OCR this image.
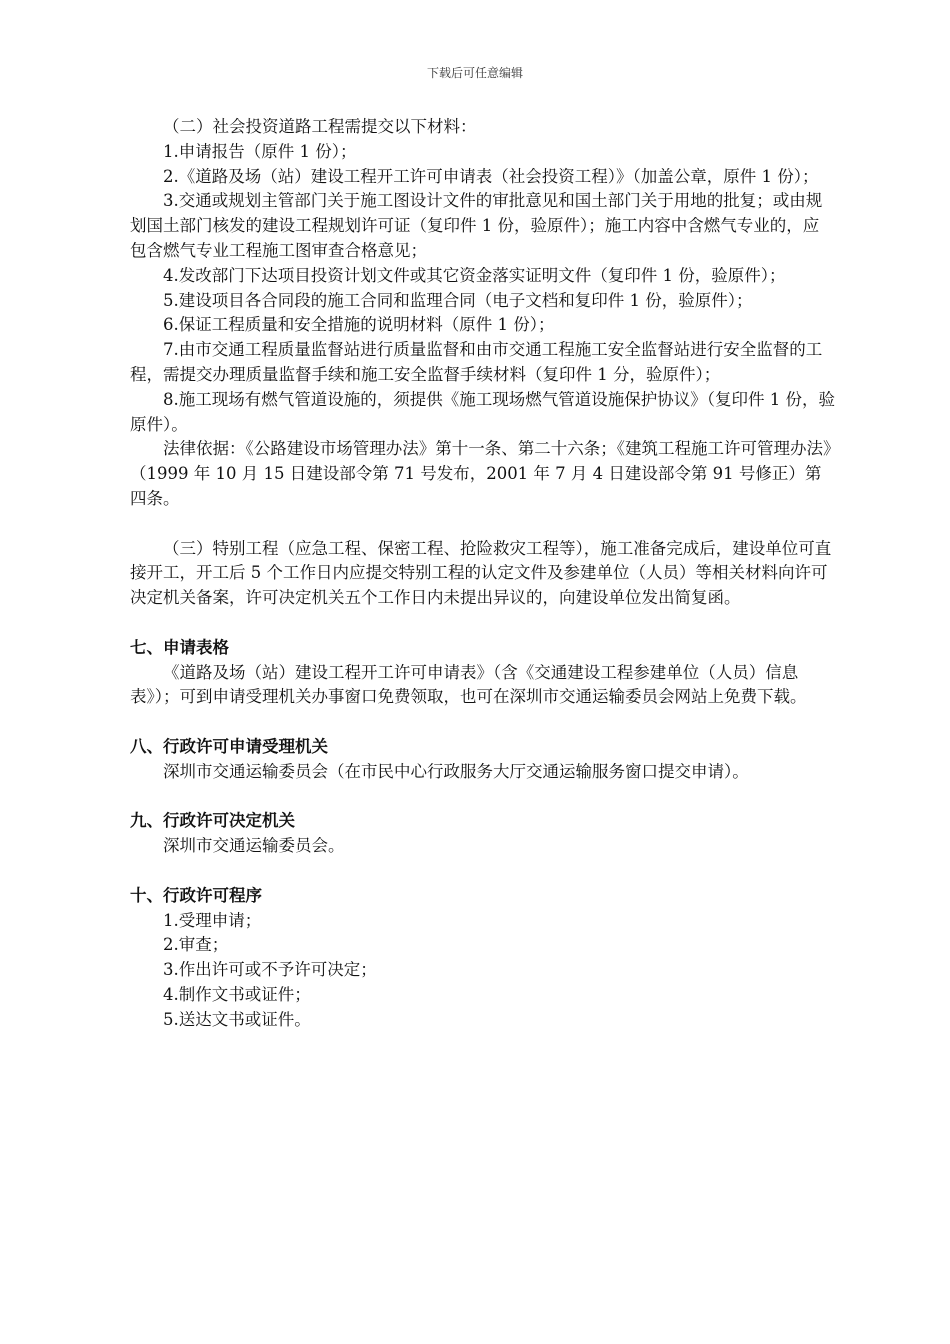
下载后可任意编辑

（二）社会投资道路工程需提交以下材料：

1.申请报告（原件 1 份）；

2.《道路及场（站）建设工程开工许可申请表（社会投资工程）》（加盖公章，原件 1 份）；

3.交通或规划主管部门关于施工图设计文件的审批意见和国土部门关于用地的批复；或由规划国土部门核发的建设工程规划许可证（复印件 1 份，验原件）；施工内容中含燃气专业的，应包含燃气专业工程施工图审查合格意见；

4.发改部门下达项目投资计划文件或其它资金落实证明文件（复印件 1 份，验原件）；

5.建设项目各合同段的施工合同和监理合同（电子文档和复印件 1 份，验原件）；

6.保证工程质量和安全措施的说明材料（原件 1 份）；

7.由市交通工程质量监督站进行质量监督和由市交通工程施工安全监督站进行安全监督的工程，需提交办理质量监督手续和施工安全监督手续材料（复印件 1 分，验原件）；

8.施工现场有燃气管道设施的，须提供《施工现场燃气管道设施保护协议》（复印件 1 份，验原件）。

法律依据：《公路建设市场管理办法》第十一条、第二十六条；《建筑工程施工许可管理办法》（1999 年 10 月 15 日建设部令第 71 号发布，2001 年 7 月 4 日建设部令第 91 号修正）第四条。

（三）特别工程（应急工程、保密工程、抢险救灾工程等），施工准备完成后，建设单位可直接开工，开工后 5 个工作日内应提交特别工程的认定文件及参建单位（人员）等相关材料向许可决定机关备案，许可决定机关五个工作日内未提出异议的，向建设单位发出简复函。

七、申请表格

《道路及场（站）建设工程开工许可申请表》（含《交通建设工程参建单位（人员）信息表》）；可到申请受理机关办事窗口免费领取，也可在深圳市交通运输委员会网站上免费下载。

八、行政许可申请受理机关

深圳市交通运输委员会（在市民中心行政服务大厅交通运输服务窗口提交申请）。

九、行政许可决定机关

深圳市交通运输委员会。

十、行政许可程序

1.受理申请；

2.审查；

3.作出许可或不予许可决定；

4.制作文书或证件；

5.送达文书或证件。
